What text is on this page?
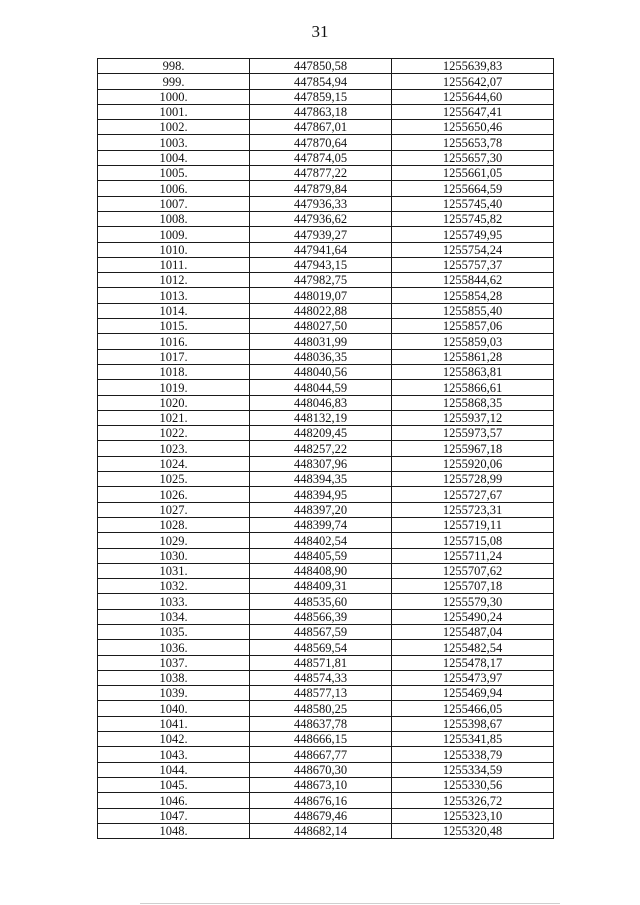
31
998.	447850,58	1255639,83
999.	447854,94	1255642,07
1000.	447859,15	1255644,60
1001.	447863,18	1255647,41
1002.	447867,01	1255650,46
1003.	447870,64	1255653,78
1004.	447874,05	1255657,30
1005.	447877,22	1255661,05
1006.	447879,84	1255664,59
1007.	447936,33	1255745,40
1008.	447936,62	1255745,82
1009.	447939,27	1255749,95
1010.	447941,64	1255754,24
1011.	447943,15	1255757,37
1012.	447982,75	1255844,62
1013.	448019,07	1255854,28
1014.	448022,88	1255855,40
1015.	448027,50	1255857,06
1016.	448031,99	1255859,03
1017.	448036,35	1255861,28
1018.	448040,56	1255863,81
1019.	448044,59	1255866,61
1020.	448046,83	1255868,35
1021.	448132,19	1255937,12
1022.	448209,45	1255973,57
1023.	448257,22	1255967,18
1024.	448307,96	1255920,06
1025.	448394,35	1255728,99
1026.	448394,95	1255727,67
1027.	448397,20	1255723,31
1028.	448399,74	1255719,11
1029.	448402,54	1255715,08
1030.	448405,59	1255711,24
1031.	448408,90	1255707,62
1032.	448409,31	1255707,18
1033.	448535,60	1255579,30
1034.	448566,39	1255490,24
1035.	448567,59	1255487,04
1036.	448569,54	1255482,54
1037.	448571,81	1255478,17
1038.	448574,33	1255473,97
1039.	448577,13	1255469,94
1040.	448580,25	1255466,05
1041.	448637,78	1255398,67
1042.	448666,15	1255341,85
1043.	448667,77	1255338,79
1044.	448670,30	1255334,59
1045.	448673,10	1255330,56
1046.	448676,16	1255326,72
1047.	448679,46	1255323,10
1048.	448682,14	1255320,48
